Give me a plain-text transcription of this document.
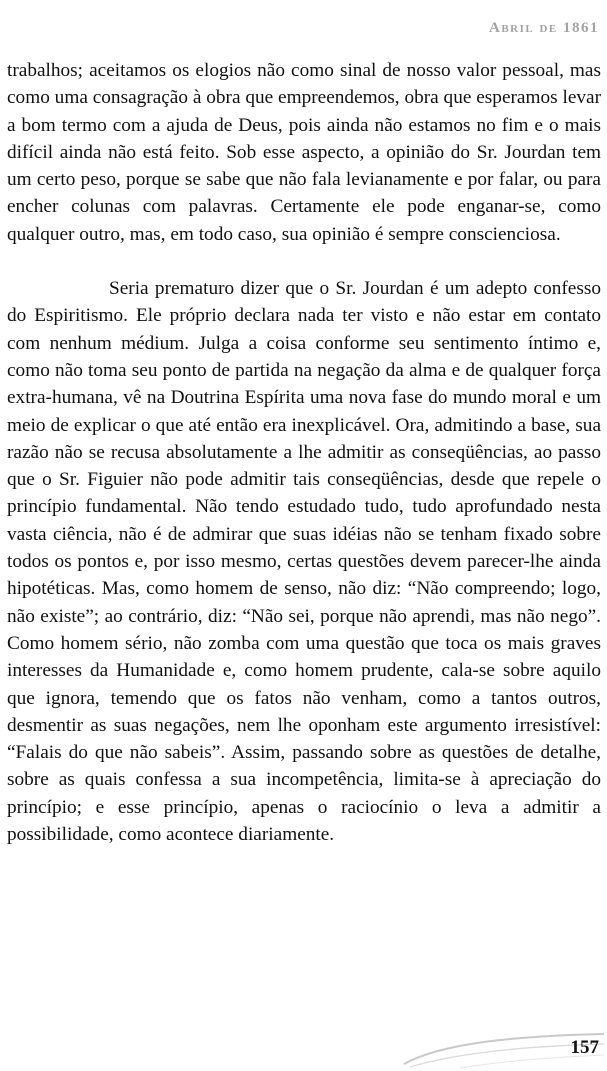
Abril de 1861

trabalhos; aceitamos os elogios não como sinal de nosso valor pessoal, mas como uma consagração à obra que empreendemos, obra que esperamos levar a bom termo com a ajuda de Deus, pois ainda não estamos no fim e o mais difícil ainda não está feito. Sob esse aspecto, a opinião do Sr. Jourdan tem um certo peso, porque se sabe que não fala levianamente e por falar, ou para encher colunas com palavras. Certamente ele pode enganar-se, como qualquer outro, mas, em todo caso, sua opinião é sempre conscienciosa.

Seria prematuro dizer que o Sr. Jourdan é um adepto confesso do Espiritismo. Ele próprio declara nada ter visto e não estar em contato com nenhum médium. Julga a coisa conforme seu sentimento íntimo e, como não toma seu ponto de partida na negação da alma e de qualquer força extra-humana, vê na Doutrina Espírita uma nova fase do mundo moral e um meio de explicar o que até então era inexplicável. Ora, admitindo a base, sua razão não se recusa absolutamente a lhe admitir as conseqüências, ao passo que o Sr. Figuier não pode admitir tais conseqüências, desde que repele o princípio fundamental. Não tendo estudado tudo, tudo aprofundado nesta vasta ciência, não é de admirar que suas idéias não se tenham fixado sobre todos os pontos e, por isso mesmo, certas questões devem parecer-lhe ainda hipotéticas. Mas, como homem de senso, não diz: “Não compreendo; logo, não existe”; ao contrário, diz: “Não sei, porque não aprendi, mas não nego”. Como homem sério, não zomba com uma questão que toca os mais graves interesses da Humanidade e, como homem prudente, cala-se sobre aquilo que ignora, temendo que os fatos não venham, como a tantos outros, desmentir as suas negações, nem lhe oponham este argumento irresistível: “Falais do que não sabeis”. Assim, passando sobre as questões de detalhe, sobre as quais confessa a sua incompetência, limita-se à apreciação do princípio; e esse princípio, apenas o raciocínio o leva a admitir a possibilidade, como acontece diariamente.

157
